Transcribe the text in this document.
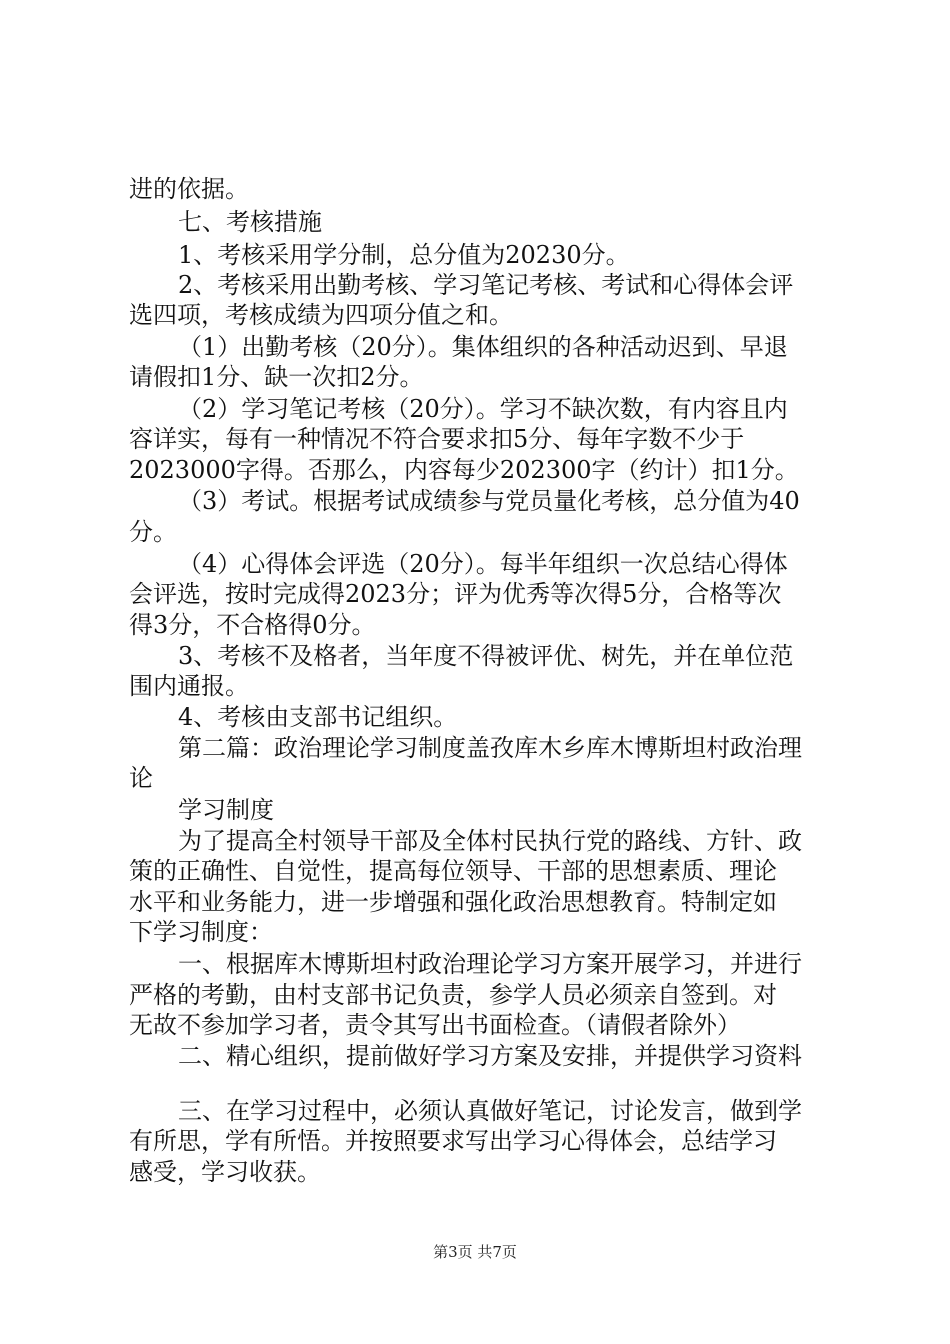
进的依据。

七、考核措施

1、考核采用学分制，总分值为20230分。

2、考核采用出勤考核、学习笔记考核、考试和心得体会评

选四项，考核成绩为四项分值之和。

（1）出勤考核（20分）。集体组织的各种活动迟到、早退

请假扣1分、缺一次扣2分。

（2）学习笔记考核（20分）。学习不缺次数，有内容且内

容详实，每有一种情况不符合要求扣5分、每年字数不少于

2023000字得。否那么，内容每少202300字（约计）扣1分。

（3）考试。根据考试成绩参与党员量化考核，总分值为40

分。

（4）心得体会评选（20分）。每半年组织一次总结心得体

会评选，按时完成得2023分；评为优秀等次得5分，合格等次

得3分，不合格得0分。

3、考核不及格者，当年度不得被评优、树先，并在单位范

围内通报。

4、考核由支部书记组织。

第二篇：政治理论学习制度盖孜库木乡库木博斯坦村政治理

论

学习制度

为了提高全村领导干部及全体村民执行党的路线、方针、政

策的正确性、自觉性，提高每位领导、干部的思想素质、理论

水平和业务能力，进一步增强和强化政治思想教育。特制定如

下学习制度：

一、根据库木博斯坦村政治理论学习方案开展学习，并进行

严格的考勤，由村支部书记负责，参学人员必须亲自签到。对

无故不参加学习者，责令其写出书面检查。（请假者除外）

二、精心组织，提前做好学习方案及安排，并提供学习资料

三、在学习过程中，必须认真做好笔记，讨论发言，做到学

有所思，学有所悟。并按照要求写出学习心得体会，总结学习

感受，学习收获。

第3页 共7页
